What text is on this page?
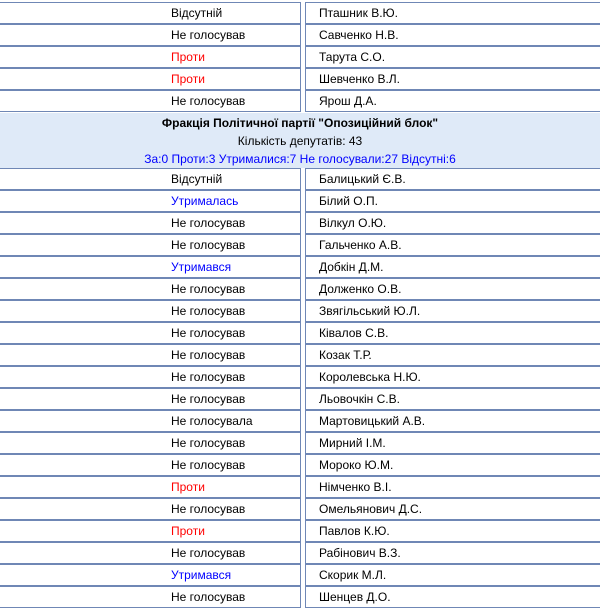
Відсутній	Пташник В.Ю.
Не голосував	Савченко Н.В.
Проти	Тарута С.О.
Проти	Шевченко В.Л.
Не голосував	Ярош Д.А.
Фракція Політичної партії "Опозиційний блок"
Кількість депутатів: 43
За:0 Проти:3 Утрималися:7 Не голосували:27 Відсутні:6
Відсутній	Балицький Є.В.
Утрималась	Білий О.П.
Не голосував	Вілкул О.Ю.
Не голосував	Гальченко А.В.
Утримався	Добкін Д.М.
Не голосував	Долженко О.В.
Не голосував	Звягільський Ю.Л.
Не голосував	Ківалов С.В.
Не голосував	Козак Т.Р.
Не голосував	Королевська Н.Ю.
Не голосував	Льовочкін С.В.
Не голосувала	Мартовицький А.В.
Не голосував	Мирний І.М.
Не голосував	Мороко Ю.М.
Проти	Німченко В.І.
Не голосував	Омельянович Д.С.
Проти	Павлов К.Ю.
Не голосував	Рабінович В.З.
Утримався	Скорик М.Л.
Не голосував	Шенцев Д.О.
